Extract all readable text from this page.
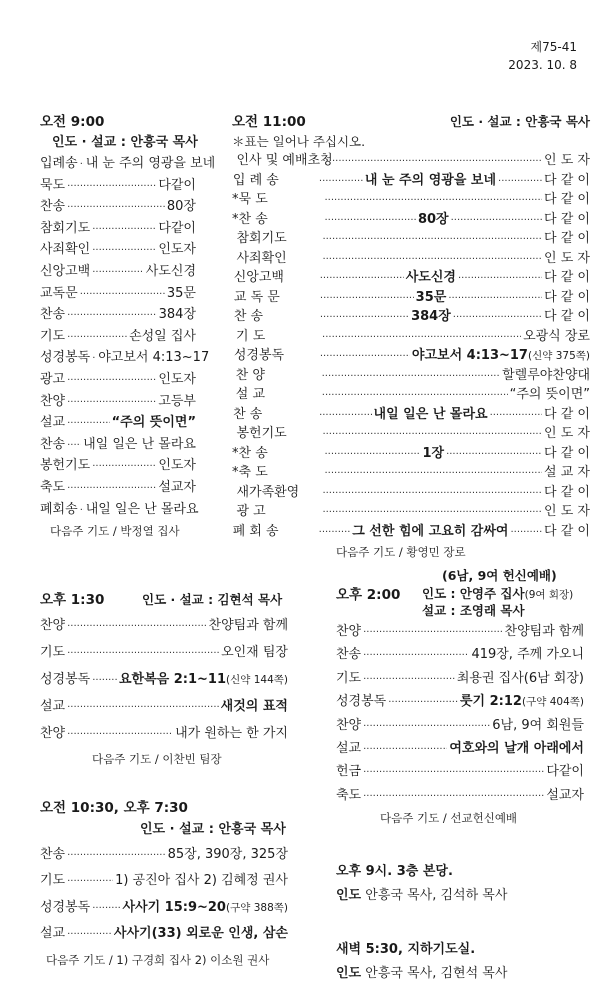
제75-41
2023. 10. 8
오전 9:00
인도 · 설교 : 안흥국 목사
입례송 ····· 내 눈 주의 영광을 보네
묵도 ·····	다같이
찬송 ·····	80장
참회기도 ·····	다같이
사죄확인 ·····	인도자
신앙고백 ·····	사도신경
교독문 ·····	35문
찬송 ·····	384장
기도 ·····	손성일 집사
성경봉독 ····· 야고보서 4:13~17
광고 ·····	인도자
찬양 ·····	고등부
설교 ·····	“주의 뜻이면”
찬송 ····· 내일 일은 난 몰라요
봉헌기도 ·····	인도자
축도 ·····	설교자
폐회송 ····· 내일 일은 난 몰라요
다음주 기도 / 박정열 집사
오전 11:00	인도 · 설교 : 안흥국 목사
＊표는 일어나 주십시오.
인사 및 예배초청 ·····	인 도 자
입 례 송 ·····	내 눈 주의 영광을 보네 ·····	다 같 이
* 묵 도 ·····	다 같 이
* 찬 송 ·····	80장 ·····	다 같 이
참회기도 ·····	다 같 이
사죄확인 ·····	인 도 자
신앙고백 ·····	사도신경 ·····	다 같 이
교 독 문 ·····	35문 ·····	다 같 이
찬 송 ·····	384장 ·····	다 같 이
기 도 ·····	오광식 장로
성경봉독 ·····	야고보서 4:13~17 (신약 375쪽)
찬 양 ·····	할렐루야찬양대
설 교 ·····	“주의 뜻이면”
찬 송 ·····	내일 일은 난 몰라요 ·····	다 같 이
봉헌기도 ·····	인 도 자
* 찬 송 ·····	1장 ·····	다 같 이
* 축 도 ·····	설 교 자
새가족환영 ·····	다 같 이
광 고 ·····	인 도 자
폐 회 송 ·····	그 선한 힘에 고요히 감싸여 ·····	다 같 이
다음주 기도 / 황영민 장로
오후 1:30	인도 · 설교 : 김현석 목사
찬양 ·····	찬양팀과 함께
기도 ·····	오인재 팀장
성경봉독 ····· 요한복음 2:1~11 (신약 144쪽)
설교 ·····	새것의 표적
찬양 ·····	내가 원하는 한 가지
다음주 기도 / 이찬빈 팀장
(6남, 9여 헌신예배)
오후 2:00	인도 : 안영주 집사(9여 회장)
설교 : 조영래 목사
찬양 ·····	찬양팀과 함께
찬송 ·····	419장, 주께 가오니
기도 ·····	최용권 집사(6남 회장)
성경봉독 ·····	룻기 2:12 (구약 404쪽)
찬양 ·····	6남, 9여 회원들
설교 ·····	여호와의 날개 아래에서
헌금 ·····	다같이
축도 ·····	설교자
다음주 기도 / 선교헌신예배
오전 10:30, 오후 7:30
인도 · 설교 : 안흥국 목사
찬송 ·····	85장, 390장, 325장
기도 ·····	1) 공진아 집사 2) 김혜정 권사
성경봉독 ····· 사사기 15:9~20 (구약 388쪽)
설교 ·····	사사기(33) 외로운 인생, 삼손
다음주 기도 / 1) 구경희 집사 2) 이소원 권사
오후 9시. 3층 본당.
인도 안흥국 목사, 김석하 목사
새벽 5:30, 지하기도실.
인도 안흥국 목사, 김현석 목사
